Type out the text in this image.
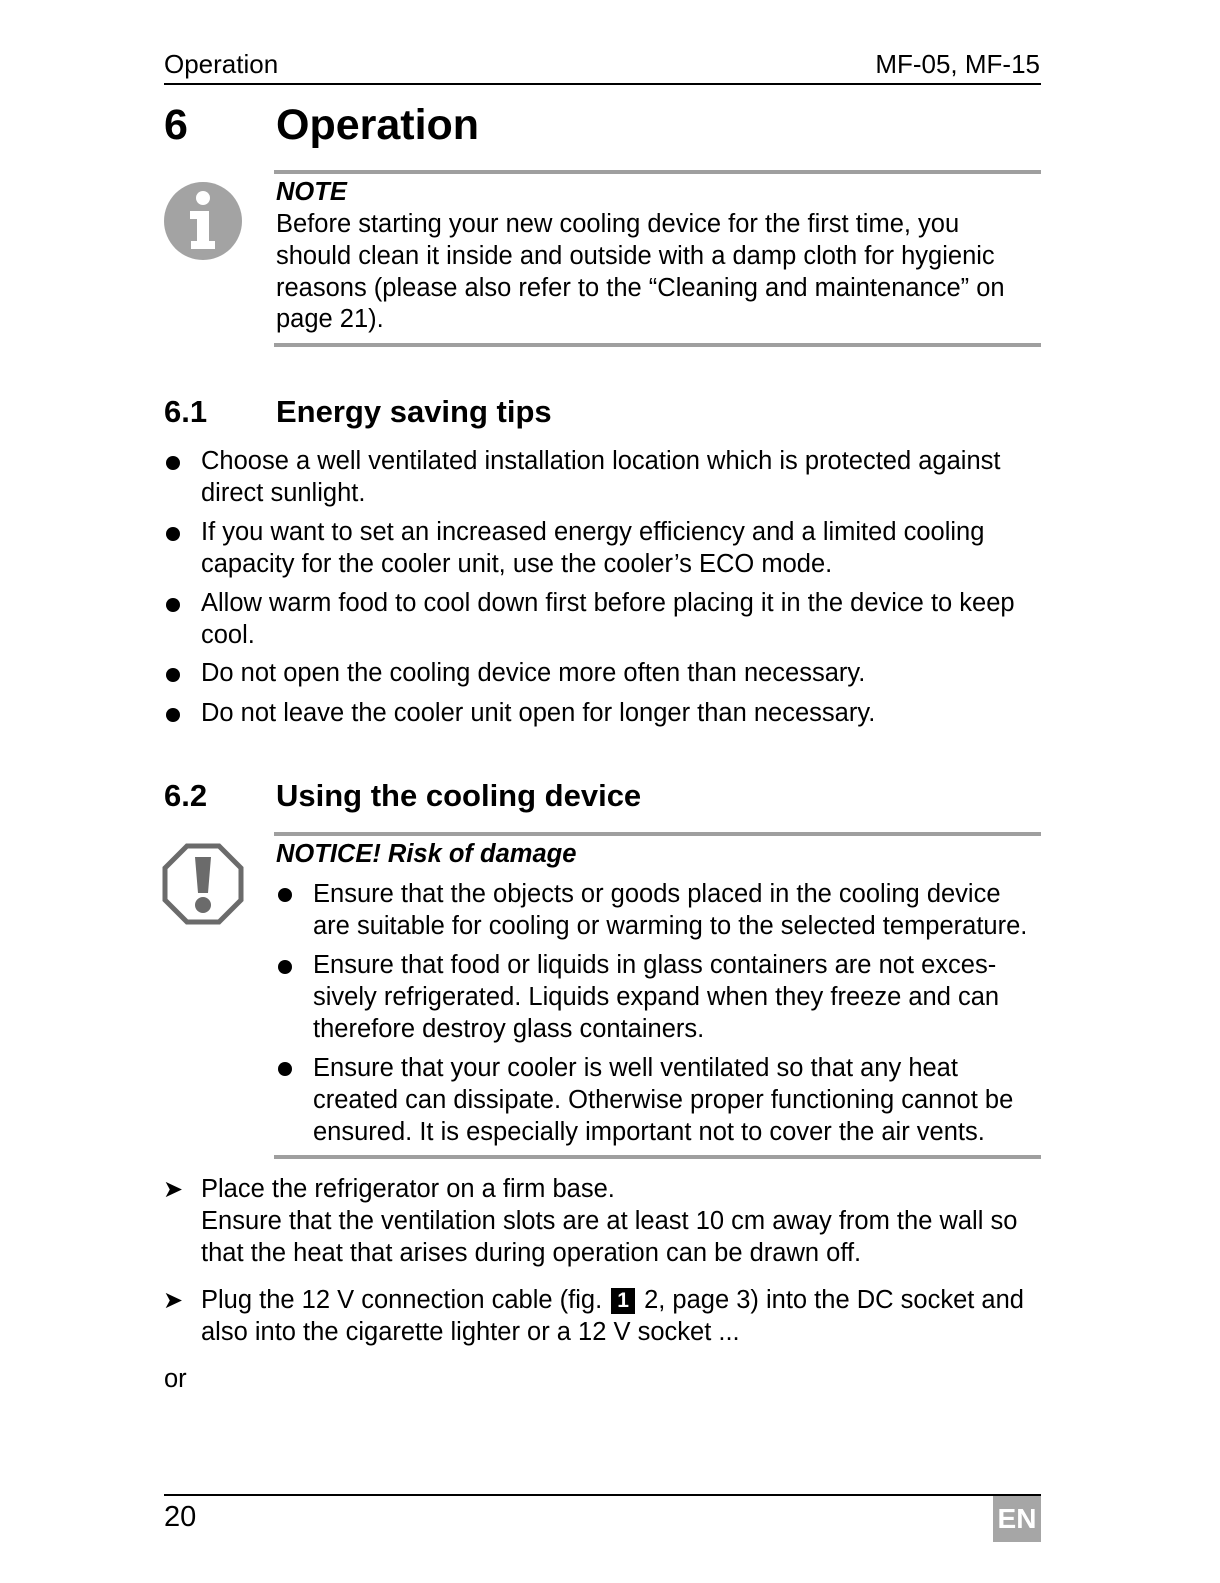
Operation	MF-05, MF-15
6 Operation
NOTE
Before starting your new cooling device for the first time, you
should clean it inside and outside with a damp cloth for hygienic
reasons (please also refer to the “Cleaning and maintenance” on
page 21).
6.1 Energy saving tips
Choose a well ventilated installation location which is protected against
direct sunlight.
If you want to set an increased energy efficiency and a limited cooling
capacity for the cooler unit, use the cooler’s ECO mode.
Allow warm food to cool down first before placing it in the device to keep
cool.
Do not open the cooling device more often than necessary.
Do not leave the cooler unit open for longer than necessary.
6.2 Using the cooling device
NOTICE! Risk of damage
Ensure that the objects or goods placed in the cooling device
are suitable for cooling or warming to the selected temperature.
Ensure that food or liquids in glass containers are not exces-
sively refrigerated. Liquids expand when they freeze and can
therefore destroy glass containers.
Ensure that your cooler is well ventilated so that any heat
created can dissipate. Otherwise proper functioning cannot be
ensured. It is especially important not to cover the air vents.
➤ Place the refrigerator on a firm base.
Ensure that the ventilation slots are at least 10 cm away from the wall so
that the heat that arises during operation can be drawn off.
➤ Plug the 12 V connection cable (fig. 1 2, page 3) into the DC socket and
also into the cigarette lighter or a 12 V socket ...
or
20	EN
